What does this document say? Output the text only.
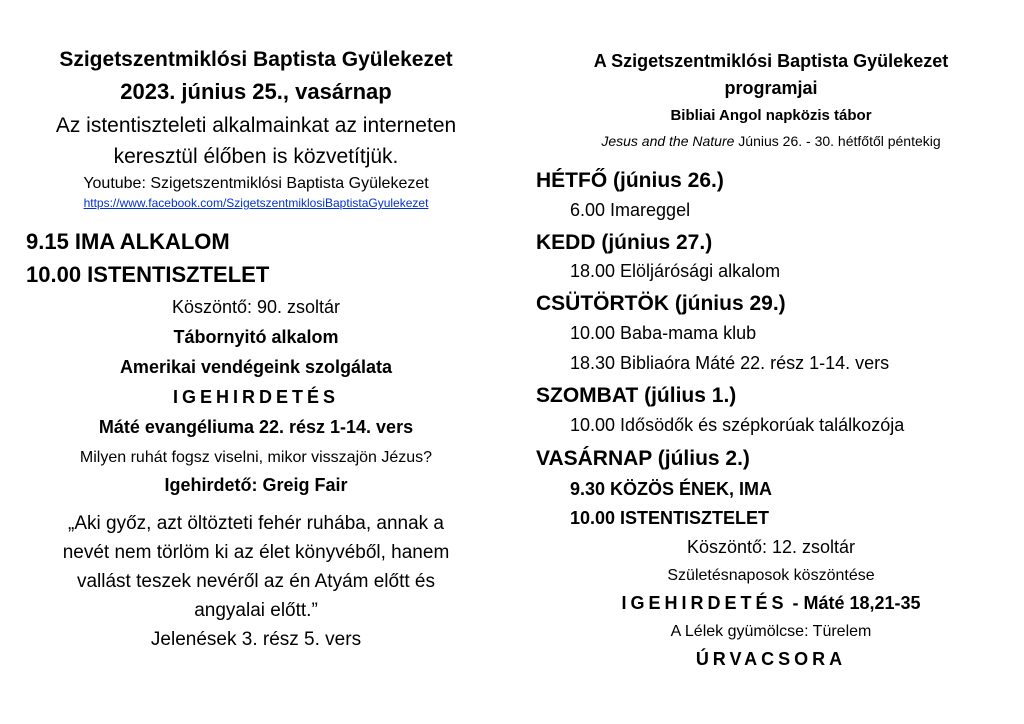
Szigetszentmiklósi Baptista Gyülekezet
2023. június 25., vasárnap
Az istentiszteleti alkalmainkat az interneten
keresztül élőben is közvetítjük.
Youtube: Szigetszentmiklósi Baptista Gyülekezet
https://www.facebook.com/SzigetszentmiklosiBaptistaGyulekezet
9.15 IMA ALKALOM
10.00 ISTENTISZTELET
Köszöntő: 90. zsoltár
Tábornyitó alkalom
Amerikai vendégeink szolgálata
IGEHIRDETÉS
Máté evangéliuma 22. rész 1-14. vers
Milyen ruhát fogsz viselni, mikor visszajön Jézus?
Igehirdető: Greig Fair
„Aki győz, azt öltözteti fehér ruhába, annak a
nevét nem törlöm ki az élet könyvéből, hanem
vallást teszek nevéről az én Atyám előtt és
angyalai előtt.”
Jelenések 3. rész 5. vers
A Szigetszentmiklósi Baptista Gyülekezet
programjai
Bibliai Angol napközis tábor
Jesus and the Nature Június 26. - 30. hétfőtől péntekig
HÉTFŐ (június 26.)
6.00 Imareggel
KEDD (június 27.)
18.00 Elöljárósági alkalom
CSÜTÖRTÖK (június 29.)
10.00 Baba-mama klub
18.30 Bibliaóra Máté 22. rész 1-14. vers
SZOMBAT (július 1.)
10.00 Idősödők és szépkorúak találkozója
VASÁRNAP (július 2.)
9.30 KÖZÖS ÉNEK, IMA
10.00 ISTENTISZTELET
Köszöntő: 12. zsoltár
Születésnaposok köszöntése
IGEHIRDETÉS - Máté 18,21-35
A Lélek gyümölcse: Türelem
ÚRVACSORA
